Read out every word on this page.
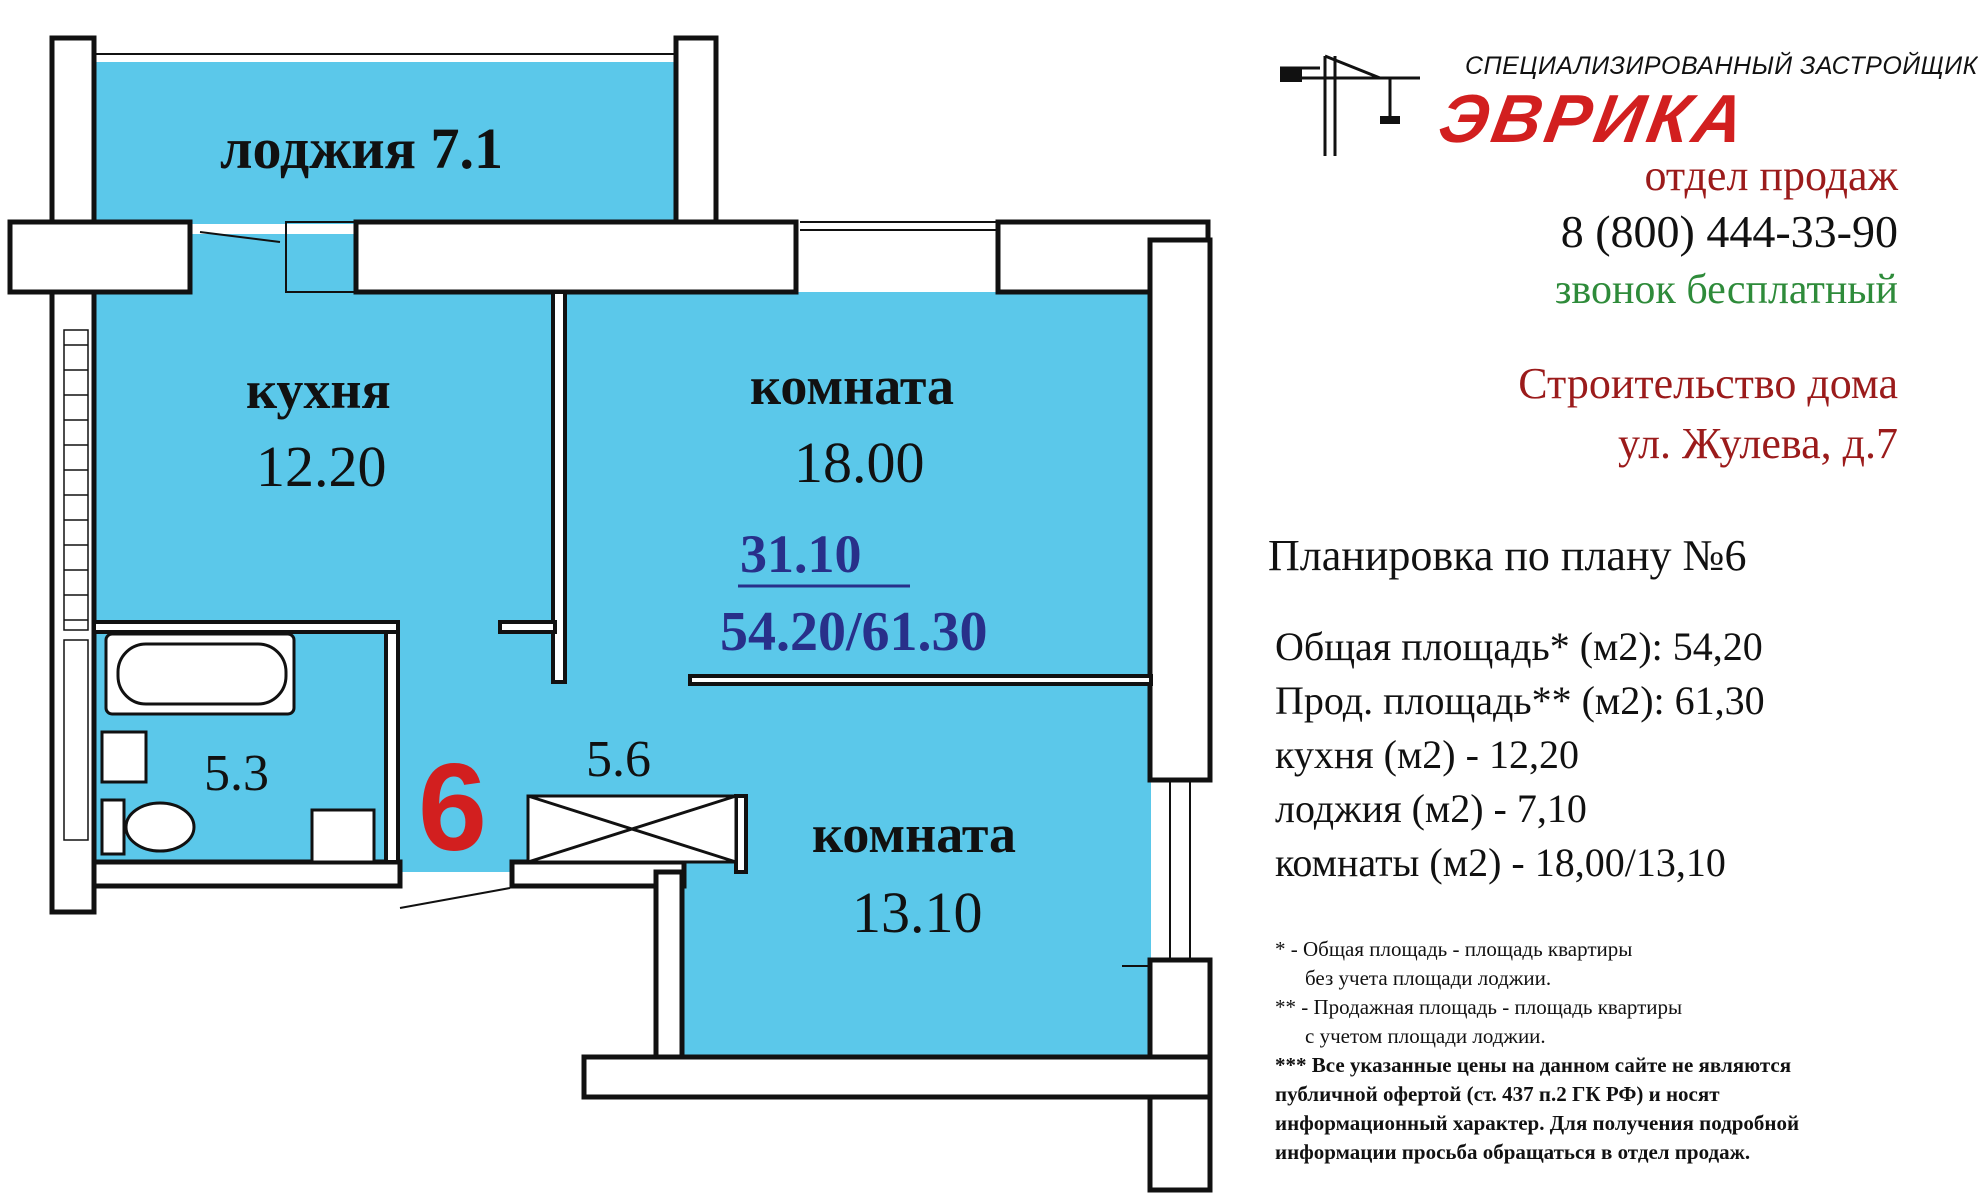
лоджия 7.1
кухня
12.20
комната
18.00
31.10
54.20/61.30
5.3 6 5.6
комната
13.10
СПЕЦИАЛИЗИРОВАННЫЙ ЗАСТРОЙЩИК
ЭВРИКА
отдел продаж
8 (800) 444-33-90
звонок бесплатный
Строительство дома
ул. Жулева, д.7
Планировка по плану №6
Общая площадь* (м2): 54,20
Прод. площадь** (м2): 61,30
кухня (м2) - 12,20
лоджия (м2) - 7,10
комнаты (м2) - 18,00/13,10
* - Общая площадь - площадь квартиры
без учета площади лоджии.
** - Продажная площадь - площадь квартиры
с учетом площади лоджии.
*** Все указанные цены на данном сайте не являются
публичной офертой (ст. 437 п.2 ГК РФ) и носят
информационный характер. Для получения подробной
информации просьба обращаться в отдел продаж.
